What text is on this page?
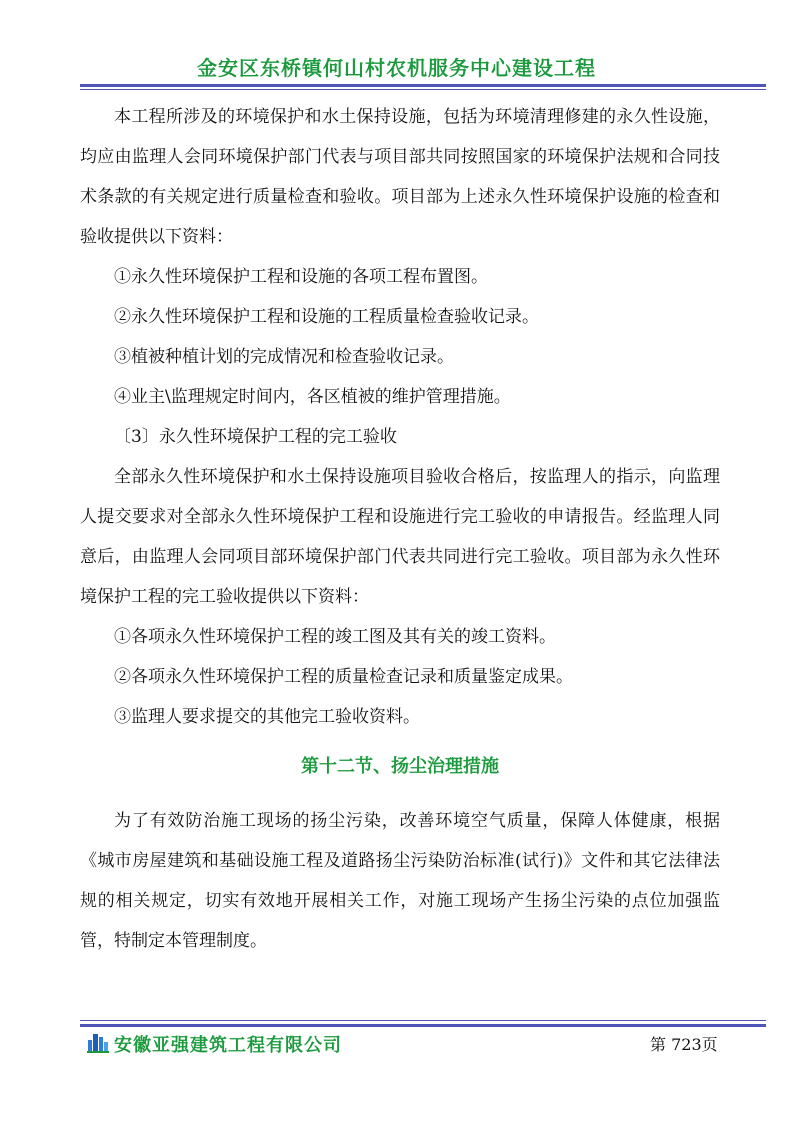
金安区东桥镇何山村农机服务中心建设工程

本工程所涉及的环境保护和水土保持设施，包括为环境清理修建的永久性设施，均应由监理人会同环境保护部门代表与项目部共同按照国家的环境保护法规和合同技术条款的有关规定进行质量检查和验收。项目部为上述永久性环境保护设施的检查和验收提供以下资料：

①永久性环境保护工程和设施的各项工程布置图。

②永久性环境保护工程和设施的工程质量检查验收记录。

③植被种植计划的完成情况和检查验收记录。

④业主\监理规定时间内，各区植被的维护管理措施。

〔3〕永久性环境保护工程的完工验收

全部永久性环境保护和水土保持设施项目验收合格后，按监理人的指示，向监理人提交要求对全部永久性环境保护工程和设施进行完工验收的申请报告。经监理人同意后，由监理人会同项目部环境保护部门代表共同进行完工验收。项目部为永久性环境保护工程的完工验收提供以下资料：

①各项永久性环境保护工程的竣工图及其有关的竣工资料。

②各项永久性环境保护工程的质量检查记录和质量鉴定成果。

③监理人要求提交的其他完工验收资料。

第十二节、扬尘治理措施

为了有效防治施工现场的扬尘污染，改善环境空气质量，保障人体健康，根据《城市房屋建筑和基础设施工程及道路扬尘污染防治标准(试行)》文件和其它法律法规的相关规定，切实有效地开展相关工作，对施工现场产生扬尘污染的点位加强监管，特制定本管理制度。

安徽亚强建筑工程有限公司	第 723页
